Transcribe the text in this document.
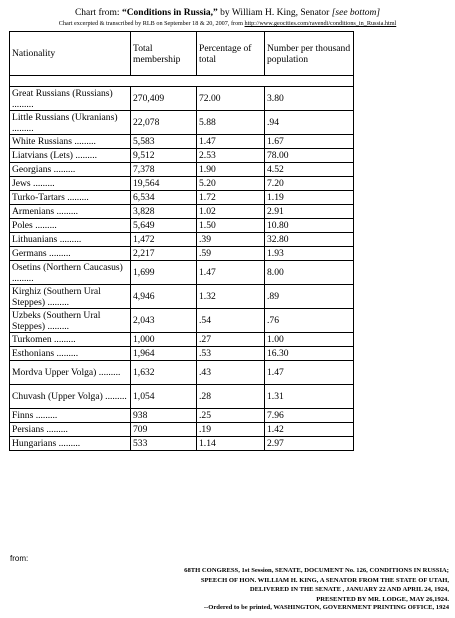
Chart from: “Conditions in Russia,” by William H. King, Senator [see bottom]
Chart excerpted & transcribed by RLB on September 18 & 20, 2007, from http://www.geocities.com/ravendi/conditions_in_Russia.html
Nationality	Total membership	Percentage of total	Number per thousand population

Great Russians (Russians) .........	270,409	72.00	3.80
Little Russians (Ukranians) .........	22,078	5.88	.94
White Russians .........	5,583	1.47	1.67
Liatvians (Lets) .........	9,512	2.53	78.00
Georgians .........	7,378	1.90	4.52
Jews .........	19,564	5.20	7.20
Turko-Tartars .........	6,534	1.72	1.19
Armenians .........	3,828	1.02	2.91
Poles .........	5,649	1.50	10.80
Lithuanians .........	1,472	.39	32.80
Germans .........	2,217	.59	1.93
Osetins (Northern Caucasus) .........	1,699	1.47	8.00
Kirghiz (Southern Ural Steppes) .........	4,946	1.32	.89
Uzbeks (Southern Ural Steppes) .........	2,043	.54	.76
Turkomen .........	1,000	.27	1.00
Esthonians .........	1,964	.53	16.30
Mordva Upper Volga) .........	1,632	.43	1.47
Chuvash (Upper Volga) .........	1,054	.28	1.31
Finns .........	938	.25	7.96
Persians .........	709	.19	1.42
Hungarians .........	533	1.14	2.97
from:
68TH CONGRESS, 1st Session, SENATE, DOCUMENT No. 126, CONDITIONS IN RUSSIA;
SPEECH OF HON. WILLIAM H. KING, A SENATOR FROM THE STATE OF UTAH,
DELIVERED IN THE SENATE , JANUARY 22 AND APRIL 24, 1924,
PRESENTED BY MR. LODGE, MAY 26,1924.
--Ordered to be printed, WASHINGTON, GOVERNMENT PRINTING OFFICE, 1924
